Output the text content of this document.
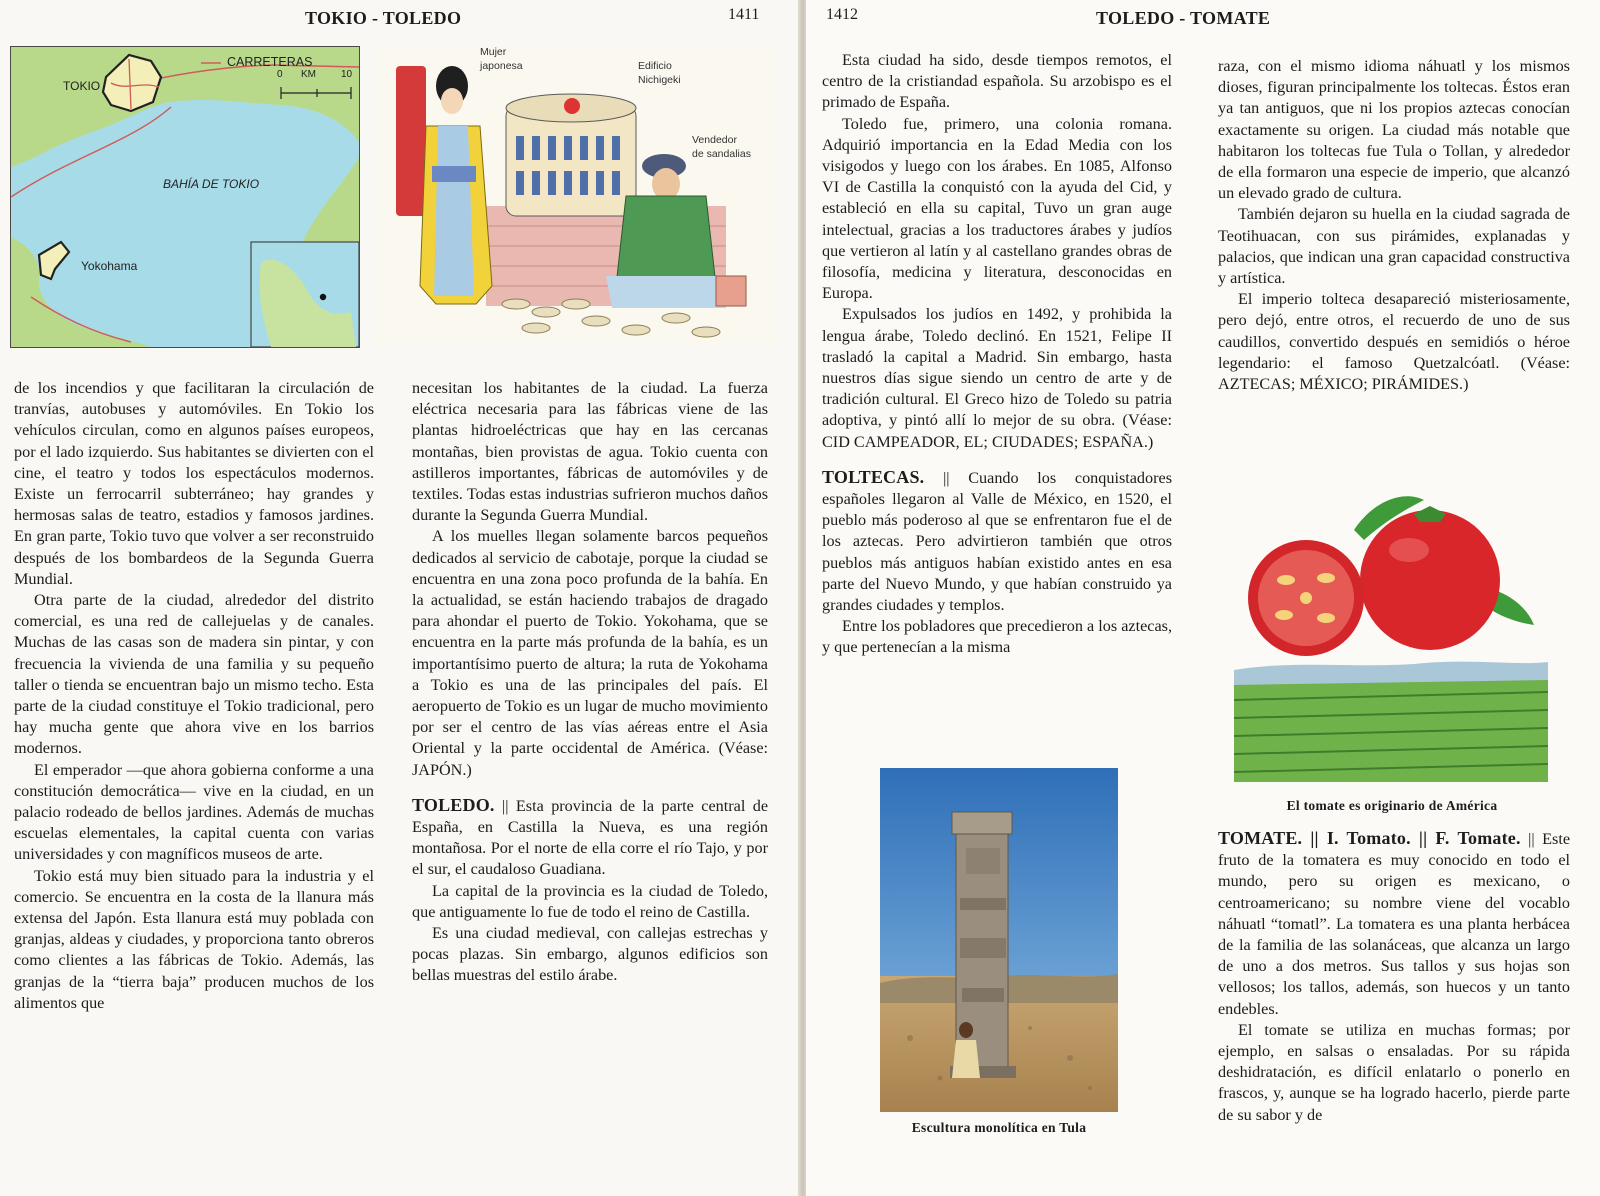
TOKIO - TOLEDO	1411
CARRETERAS
0 KM	10
TOKIO
BAHÍA DE TOKIO
Yokohama
Mujer
japonesa	Edificio
Nichigeki
Vendedor
de sandalias

de los incendios y que facilitaran la circulación de tranvías, autobuses y automóviles. En Tokio los vehículos circulan, como en algunos países europeos, por el lado izquierdo. Sus habitantes se divierten con el cine, el teatro y todos los espectáculos modernos. Existe un ferrocarril subterráneo; hay grandes y hermosas salas de teatro, estadios y famosos jardines. En gran parte, Tokio tuvo que volver a ser reconstruido después de los bombardeos de la Segunda Guerra Mundial.

Otra parte de la ciudad, alrededor del distrito comercial, es una red de callejuelas y de canales. Muchas de las casas son de madera sin pintar, y con frecuencia la vivienda de una familia y su pequeño taller o tienda se encuentran bajo un mismo techo. Esta parte de la ciudad constituye el Tokio tradicional, pero hay mucha gente que ahora vive en los barrios modernos.

El emperador —que ahora gobierna conforme a una constitución democrática— vive en la ciudad, en un palacio rodeado de bellos jardines. Además de muchas escuelas elementales, la capital cuenta con varias universidades y con magníficos museos de arte.

Tokio está muy bien situado para la industria y el comercio. Se encuentra en la costa de la llanura más extensa del Japón. Esta llanura está muy poblada con granjas, aldeas y ciudades, y proporciona tanto obreros como clientes a las fábricas de Tokio. Además, las granjas de la “tierra baja” producen muchos de los alimentos que

necesitan los habitantes de la ciudad. La fuerza eléctrica necesaria para las fábricas viene de las plantas hidroeléctricas que hay en las cercanas montañas, bien provistas de agua. Tokio cuenta con astilleros importantes, fábricas de automóviles y de textiles. Todas estas industrias sufrieron muchos daños durante la Segunda Guerra Mundial.

A los muelles llegan solamente barcos pequeños dedicados al servicio de cabotaje, porque la ciudad se encuentra en una zona poco profunda de la bahía. En la actualidad, se están haciendo trabajos de dragado para ahondar el puerto de Tokio. Yokohama, que se encuentra en la parte más profunda de la bahía, es un importantísimo puerto de altura; la ruta de Yokohama a Tokio es una de las principales del país. El aeropuerto de Tokio es un lugar de mucho movimiento por ser el centro de las vías aéreas entre el Asia Oriental y la parte occidental de América. (Véase: JAPÓN.)

TOLEDO. || Esta provincia de la parte central de España, en Castilla la Nueva, es una región montañosa. Por el norte de ella corre el río Tajo, y por el sur, el caudaloso Guadiana.

La capital de la provincia es la ciudad de Toledo, que antiguamente lo fue de todo el reino de Castilla.

Es una ciudad medieval, con callejas estrechas y pocas plazas. Sin embargo, algunos edificios son bellas muestras del estilo árabe.

1412	TOLEDO - TOMATE

Esta ciudad ha sido, desde tiempos remotos, el centro de la cristiandad española. Su arzobispo es el primado de España.

Toledo fue, primero, una colonia romana. Adquirió importancia en la Edad Media con los visigodos y luego con los árabes. En 1085, Alfonso VI de Castilla la conquistó con la ayuda del Cid, y estableció en ella su capital, Tuvo un gran auge intelectual, gracias a los traductores árabes y judíos que vertieron al latín y al castellano grandes obras de filosofía, medicina y literatura, desconocidas en Europa.

Expulsados los judíos en 1492, y prohibida la lengua árabe, Toledo declinó. En 1521, Felipe II trasladó la capital a Madrid. Sin embargo, hasta nuestros días sigue siendo un centro de arte y de tradición cultural. El Greco hizo de Toledo su patria adoptiva, y pintó allí lo mejor de su obra. (Véase: CID CAMPEADOR, EL; CIUDADES; ESPAÑA.)

TOLTECAS. || Cuando los conquistadores españoles llegaron al Valle de México, en 1520, el pueblo más poderoso al que se enfrentaron fue el de los aztecas. Pero advirtieron también que otros pueblos más antiguos habían existido antes en esa parte del Nuevo Mundo, y que habían construido ya grandes ciudades y templos.

Entre los pobladores que precedieron a los aztecas, y que pertenecían a la misma

Escultura monolítica en Tula

raza, con el mismo idioma náhuatl y los mismos dioses, figuran principalmente los toltecas. Éstos eran ya tan antiguos, que ni los propios aztecas conocían exactamente su origen. La ciudad más notable que habitaron los toltecas fue Tula o Tollan, y alrededor de ella formaron una especie de imperio, que alcanzó un elevado grado de cultura.

También dejaron su huella en la ciudad sagrada de Teotihuacan, con sus pirámides, explanadas y palacios, que indican una gran capacidad constructiva y artística.

El imperio tolteca desapareció misteriosamente, pero dejó, entre otros, el recuerdo de uno de sus caudillos, convertido después en semidiós o héroe legendario: el famoso Quetzalcóatl. (Véase: AZTECAS; MÉXICO; PIRÁMIDES.)

El tomate es originario de América

TOMATE. || I. Tomato. || F. Tomate. || Este fruto de la tomatera es muy conocido en todo el mundo, pero su origen es mexicano, o centroamericano; su nombre viene del vocablo náhuatl “tomatl”. La tomatera es una planta herbácea de la familia de las solanáceas, que alcanza un largo de uno a dos metros. Sus tallos y sus hojas son vellosos; los tallos, además, son huecos y un tanto endebles.

El tomate se utiliza en muchas formas; por ejemplo, en salsas o ensaladas. Por su rápida deshidratación, es difícil enlatarlo o ponerlo en frascos, y, aunque se ha logrado hacerlo, pierde parte de su sabor y de
